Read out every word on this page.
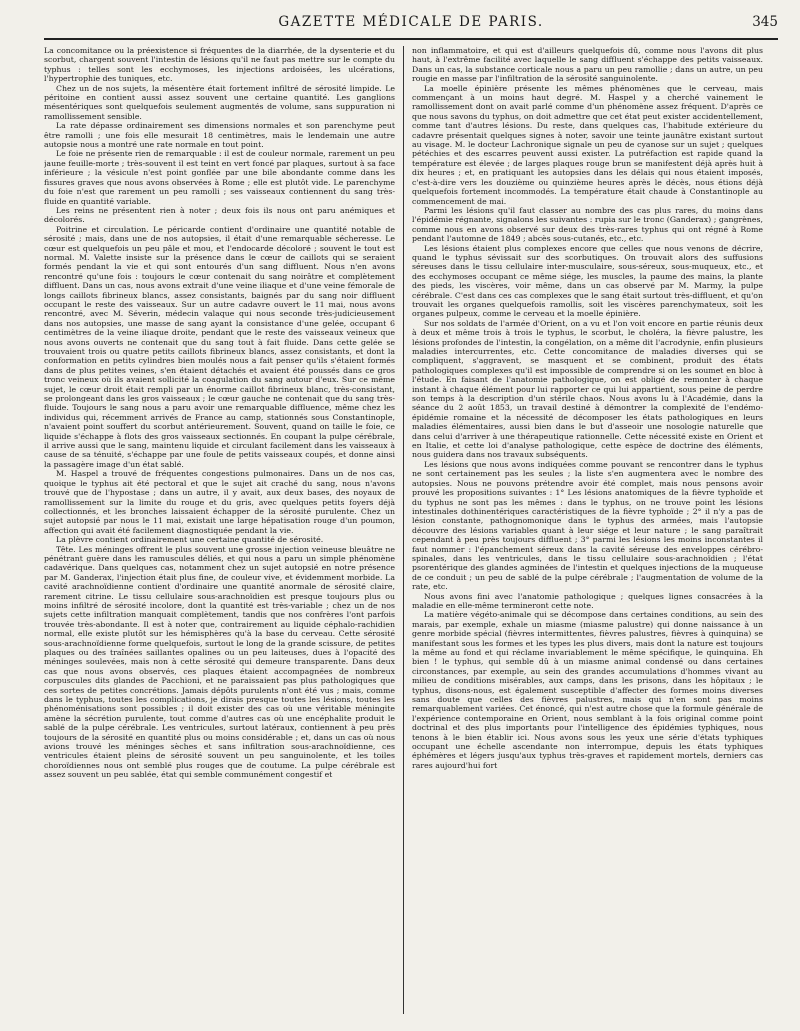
GAZETTE MÉDICALE DE PARIS.	345

La concomitance ou la préexistence si fréquentes de la diarrhée, de la dysenterie et du scorbut, chargent souvent l'intestin de lésions qu'il ne faut pas mettre sur le compte du typhus : telles sont les ecchymoses, les injections ardoisées, les ulcérations, l'hypertrophie des tuniques, etc.

Chez un de nos sujets, la mésentère était fortement infiltré de sérosité limpide. Le péritoine en contient aussi assez souvent une certaine quantité. Les ganglions mésentériques sont quelquefois seulement augmentés de volume, sans suppuration ni ramollissement sensible.

La rate dépasse ordinairement ses dimensions normales et son parenchyme peut être ramolli ; une fois elle mesurait 18 centimètres, mais le lendemain une autre autopsie nous a montré une rate normale en tout point.

Le foie ne présente rien de remarquable : il est de couleur normale, rarement un peu jaune feuille-morte ; très-souvent il est teint en vert foncé par plaques, surtout à sa face inférieure ; la vésicule n'est point gonflée par une bile abondante comme dans les fissures graves que nous avons observées à Rome ; elle est plutôt vide. Le parenchyme du foie n'est que rarement un peu ramolli ; ses vaisseaux contiennent du sang très-fluide en quantité variable.

Les reins ne présentent rien à noter ; deux fois ils nous ont paru anémiques et décolorés.

Poitrine et circulation. Le péricarde contient d'ordinaire une quantité notable de sérosité ; mais, dans une de nos autopsies, il était d'une remarquable sécheresse. Le cœur est quelquefois un peu pâle et mou, et l'endocarde décoloré ; souvent le tout est normal. M. Valette insiste sur la présence dans le cœur de caillots qui se seraient formés pendant la vie et qui sont entourés d'un sang diffluent. Nous n'en avons rencontré qu'une fois : toujours le cœur contenait du sang noirâtre et complètement diffluent. Dans un cas, nous avons extrait d'une veine iliaque et d'une veine fémorale de longs caillots fibrineux blancs, assez consistants, baignés par du sang noir diffluent occupant le reste des vaisseaux. Sur un autre cadavre ouvert le 11 mai, nous avons rencontré, avec M. Séverin, médecin valaque qui nous seconde très-judicieusement dans nos autopsies, une masse de sang ayant la consistance d'une gelée, occupant 6 centimètres de la veine iliaque droite, pendant que le reste des vaisseaux veineux que nous avons ouverts ne contenait que du sang tout à fait fluide. Dans cette gelée se trouvaient trois ou quatre petits caillots fibrineux blancs, assez consistants, et dont la conformation en petits cylindres bien moulés nous a fait penser qu'ils s'étaient formés dans de plus petites veines, s'en étaient détachés et avaient été poussés dans ce gros tronc veineux où ils avaient sollicité la coagulation du sang autour d'eux. Sur ce même sujet, le cœur droit était rempli par un énorme caillot fibrineux blanc, très-consistant, se prolongeant dans les gros vaisseaux ; le cœur gauche ne contenait que du sang très-fluide. Toujours le sang nous a paru avoir une remarquable diffluence, même chez les individus qui, récemment arrivés de France au camp, stationnés sous Constantinople, n'avaient point souffert du scorbut antérieurement. Souvent, quand on taille le foie, ce liquide s'échappe à flots des gros vaisseaux sectionnés. En coupant la pulpe cérébrale, il arrive aussi que le sang, maintenu liquide et circulant facilement dans les vaisseaux à cause de sa ténuité, s'échappe par une foule de petits vaisseaux coupés, et donne ainsi la passagère image d'un état sablé.

M. Haspel a trouvé de fréquentes congestions pulmonaires. Dans un de nos cas, quoique le typhus ait été pectoral et que le sujet ait craché du sang, nous n'avons trouvé que de l'hypostase ; dans un autre, il y avait, aux deux bases, des noyaux de ramollissement sur la limite du rouge et du gris, avec quelques petits foyers déjà collectionnés, et les bronches laissaient échapper de la sérosité purulente. Chez un sujet autopsié par nous le 11 mai, existait une large hépatisation rouge d'un poumon, affection qui avait été facilement diagnostiquée pendant la vie.

La plèvre contient ordinairement une certaine quantité de sérosité.

Tête. Les méninges offrent le plus souvent une grosse injection veineuse bleuâtre ne pénétrant guère dans les ramuscules déliés, et qui nous a paru un simple phénomène cadavérique. Dans quelques cas, notamment chez un sujet autopsié en notre présence par M. Ganderax, l'injection était plus fine, de couleur vive, et évidemment morbide. La cavité arachnoïdienne contient d'ordinaire une quantité anormale de sérosité claire, rarement citrine. Le tissu cellulaire sous-arachnoïdien est presque toujours plus ou moins infiltré de sérosité incolore, dont la quantité est très-variable ; chez un de nos sujets cette infiltration manquait complètement, tandis que nos confrères l'ont parfois trouvée très-abondante. Il est à noter que, contrairement au liquide céphalo-rachidien normal, elle existe plutôt sur les hémisphères qu'à la base du cerveau. Cette sérosité sous-arachnoïdienne forme quelquefois, surtout le long de la grande scissure, de petites plaques ou des traînées saillantes opalines ou un peu laiteuses, dues à l'opacité des méninges soulevées, mais non à cette sérosité qui demeure transparente. Dans deux cas que nous avons observés, ces plaques étaient accompagnées de nombreux corpuscules dits glandes de Pacchioni, et ne paraissaient pas plus pathologiques que ces sortes de petites concrétions. Jamais dépôts purulents n'ont été vus ; mais, comme dans le typhus, toutes les complications, je dirais presque toutes les lésions, toutes les phénoménisations sont possibles ; il doit exister des cas où une véritable méningite amène la sécrétion purulente, tout comme d'autres cas où une encéphalite produit le sablé de la pulpe cérébrale. Les ventricules, surtout latéraux, contiennent à peu près toujours de la sérosité en quantité plus ou moins considérable ; et, dans un cas où nous avions trouvé les méninges sèches et sans infiltration sous-arachnoïdienne, ces ventricules étaient pleins de sérosité souvent un peu sanguinolente, et les toiles choroïdiennes nous ont semblé plus rouges que de coutume. La pulpe cérébrale est assez souvent un peu sablée, état qui semble communément congestif et

non inflammatoire, et qui est d'ailleurs quelquefois dû, comme nous l'avons dit plus haut, à l'extrême facilité avec laquelle le sang diffluent s'échappe des petits vaisseaux. Dans un cas, la substance corticale nous a paru un peu ramollie ; dans un autre, un peu rougie en masse par l'infiltration de la sérosité sanguinolente.

La moelle épinière présente les mêmes phénomènes que le cerveau, mais commençant à un moins haut degré. M. Haspel y a cherché vainement le ramollissement dont on avait parlé comme d'un phénomène assez fréquent. D'après ce que nous savons du typhus, on doit admettre que cet état peut exister accidentellement, comme tant d'autres lésions. Du reste, dans quelques cas, l'habitude extérieure du cadavre présentait quelques signes à noter, savoir une teinte jaunâtre existant surtout au visage. M. le docteur Lachronique signale un peu de cyanose sur un sujet ; quelques pétéchies et des escarres peuvent aussi exister. La putréfaction est rapide quand la température est élevée ; de larges plaques rouge brun se manifestent déjà après huit à dix heures ; et, en pratiquant les autopsies dans les délais qui nous étaient imposés, c'est-à-dire vers les douzième ou quinzième heures après le décès, nous étions déjà quelquefois fortement incommodés. La température était chaude à Constantinople au commencement de mai.

Parmi les lésions qu'il faut classer au nombre des cas plus rares, du moins dans l'épidémie régnante, signalons les suivantes : rupia sur le tronc (Ganderax) ; gangrènes, comme nous en avons observé sur deux des très-rares typhus qui ont régné à Rome pendant l'automne de 1849 ; abcès sous-cutanés, etc., etc.

Les lésions étaient plus complexes encore que celles que nous venons de décrire, quand le typhus sévissait sur des scorbutiques. On trouvait alors des suffusions séreuses dans le tissu cellulaire inter-musculaire, sous-séreux, sous-muqueux, etc., et des ecchymoses occupant ce même siége, les muscles, la paume des mains, la plante des pieds, les viscères, voir même, dans un cas observé par M. Marmy, la pulpe cérébrale. C'est dans ces cas complexes que le sang était surtout très-diffluent, et qu'on trouvait les organes quelquefois ramollis, soit les viscères parenchymateux, soit les organes pulpeux, comme le cerveau et la moelle épinière.

Sur nos soldats de l'armée d'Orient, on a vu et l'on voit encore en partie réunis deux à deux et même trois à trois le typhus, le scorbut, le choléra, la fièvre palustre, les lésions profondes de l'intestin, la congélation, on a même dit l'acrodynie, enfin plusieurs maladies intercurrentes, etc. Cette concomitance de maladies diverses qui se compliquent, s'aggravent, se masquent et se combinent, produit des états pathologiques complexes qu'il est impossible de comprendre si on les soumet en bloc à l'étude. En faisant de l'anatomie pathologique, on est obligé de remonter à chaque instant à chaque élément pour lui rapporter ce qui lui appartient, sous peine de perdre son temps à la description d'un stérile chaos. Nous avons lu à l'Académie, dans la séance du 2 août 1853, un travail destiné à démontrer la complexité de l'endémo-épidémie romaine et la nécessité de décomposer les états pathologiques en leurs maladies élémentaires, aussi bien dans le but d'asseoir une nosologie naturelle que dans celui d'arriver à une thérapeutique rationnelle. Cette nécessité existe en Orient et en Italie, et cette loi d'analyse pathologique, cette espèce de doctrine des éléments, nous guidera dans nos travaux subséquents.

Les lésions que nous avons indiquées comme pouvant se rencontrer dans le typhus ne sont certainement pas les seules ; la liste s'en augmentera avec le nombre des autopsies. Nous ne pouvons prétendre avoir été complet, mais nous pensons avoir prouvé les propositions suivantes : 1° Les lésions anatomiques de la fièvre typhoïde et du typhus ne sont pas les mêmes : dans le typhus, on ne trouve point les lésions intestinales dothinentériques caractéristiques de la fièvre typhoïde ; 2° il n'y a pas de lésion constante, pathognomonique dans le typhus des armées, mais l'autopsie découvre des lésions variables quant à leur siége et leur nature ; le sang paraîtrait cependant à peu près toujours diffluent ; 3° parmi les lésions les moins inconstantes il faut nommer : l'épanchement séreux dans la cavité séreuse des enveloppes cérébro-spinales, dans les ventricules, dans le tissu cellulaire sous-arachnoïdien ; l'état psorentérique des glandes agminées de l'intestin et quelques injections de la muqueuse de ce conduit ; un peu de sablé de la pulpe cérébrale ; l'augmentation de volume de la rate, etc.

Nous avons fini avec l'anatomie pathologique ; quelques lignes consacrées à la maladie en elle-même termineront cette note.

La matière végéto-animale qui se décompose dans certaines conditions, au sein des marais, par exemple, exhale un miasme (miasme palustre) qui donne naissance à un genre morbide spécial (fièvres intermittentes, fièvres palustres, fièvres à quinquina) se manifestant sous les formes et les types les plus divers, mais dont la nature est toujours la même au fond et qui réclame invariablement le même spécifique, le quinquina. Eh bien ! le typhus, qui semble dû à un miasme animal condensé ou dans certaines circonstances, par exemple, au sein des grandes accumulations d'hommes vivant au milieu de conditions misérables, aux camps, dans les prisons, dans les hôpitaux ; le typhus, disons-nous, est également susceptible d'affecter des formes moins diverses sans doute que celles des fièvres palustres, mais qui n'en sont pas moins remarquablement variées. Cet énoncé, qui n'est autre chose que la formule générale de l'expérience contemporaine en Orient, nous semblant à la fois original comme point doctrinal et des plus importants pour l'intelligence des épidémies typhiques, nous tenons à le bien établir ici. Nous avons sous les yeux une série d'états typhiques occupant une échelle ascendante non interrompue, depuis les états typhiques éphémères et légers jusqu'aux typhus très-graves et rapidement mortels, derniers cas rares aujourd'hui fort
